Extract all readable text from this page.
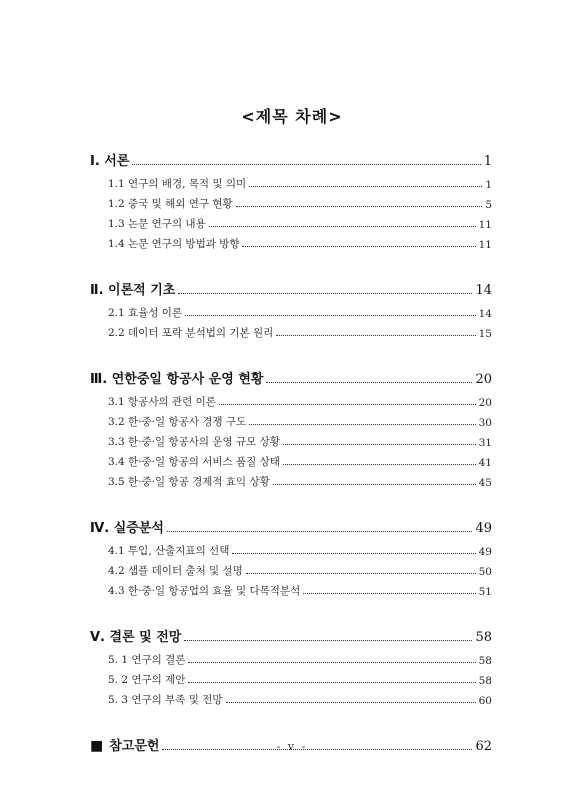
<제목 차례>
Ⅰ. 서론	1
1.1 연구의 배경, 목적 및 의미	1
1.2 중국 및 해외 연구 현황	5
1.3 논문 연구의 내용	11
1.4 논문 연구의 방법과 방향	11
Ⅱ. 이론적 기초	14
2.1 효율성 이론	14
2.2 데이터 포락 분석법의 기본 원리	15
Ⅲ. 연한중일 항공사 운영 현황	20
3.1 항공사의 관련 이론	20
3.2 한·중·일 항공사 경쟁 구도	30
3.3 한·중·일 항공사의 운영 규모 상황	31
3.4 한·중·일 항공의 서비스 품질 상태	41
3.5 한·중·일 항공 경제적 효익 상황	45
Ⅳ. 실증분석	49
4.1 투입, 산출지표의 선택	49
4.2 샘플 데이터 출처 및 설명	50
4.3 한·중·일 항공업의 효율 및 다목적분석	51
Ⅴ. 결론 및 전망	58
5. 1 연구의 결론	58
5. 2 연구의 제안	58
5. 3 연구의 부족 및 전망	60
■ 참고문헌	62
- v -
